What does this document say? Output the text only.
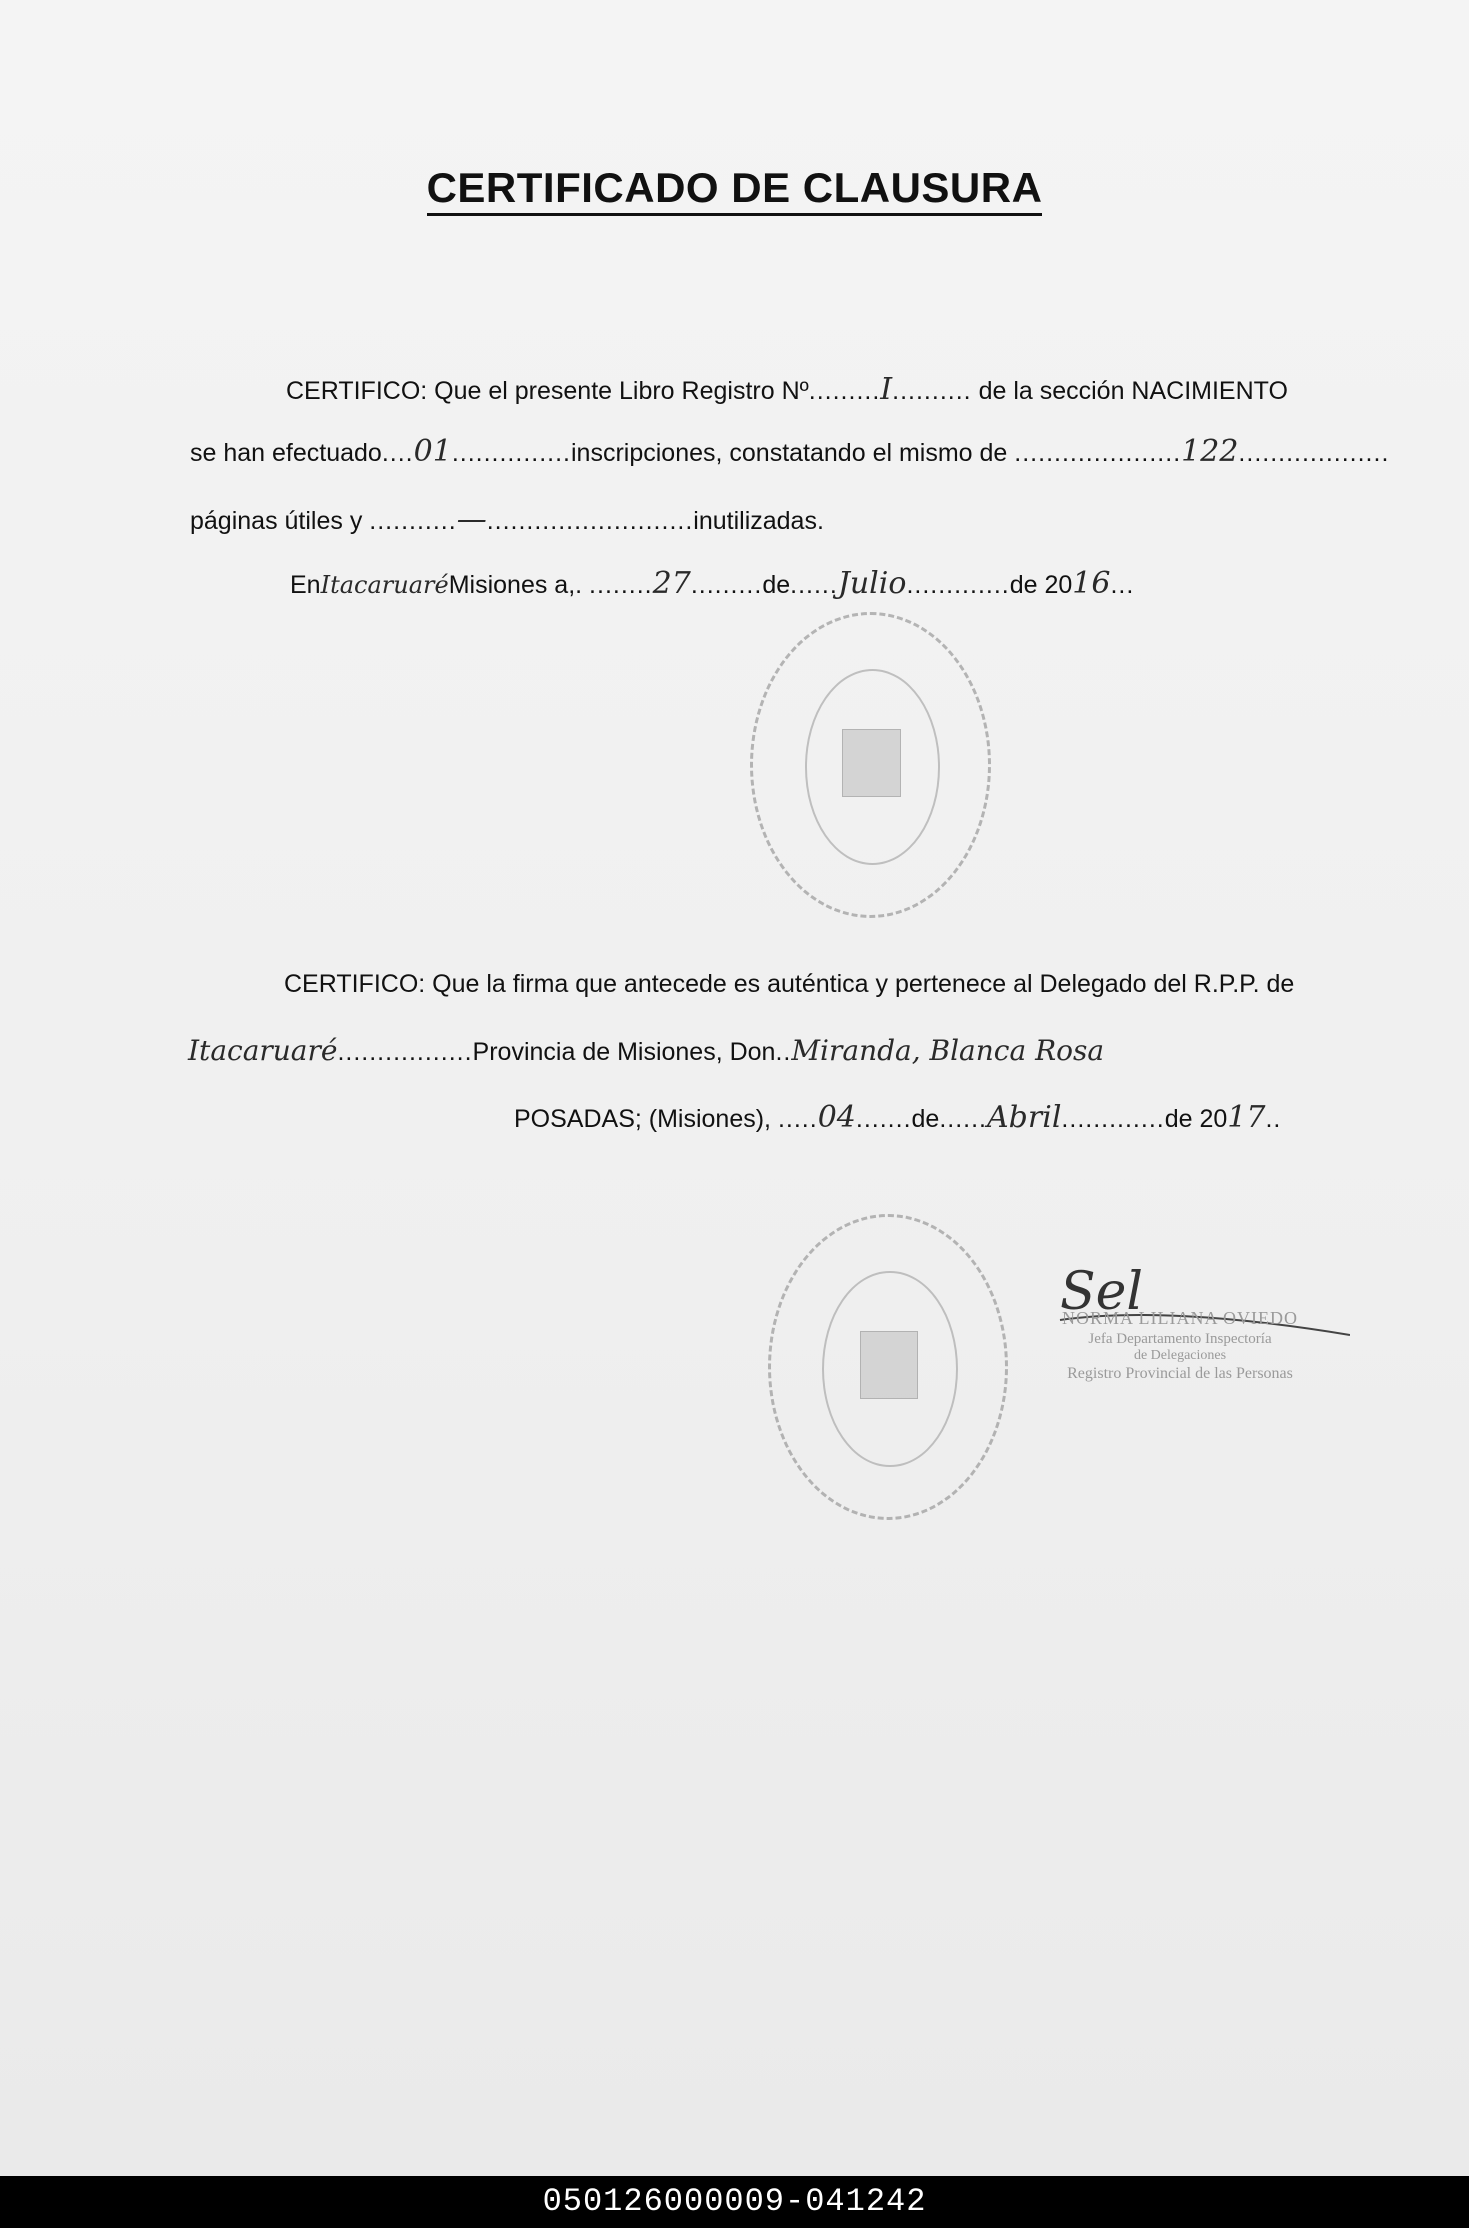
CERTIFICADO DE CLAUSURA
CERTIFICO: Que el presente Libro Registro Nº.........I.......... de la sección NACIMIENTO
se han efectuado....01...............inscripciones, constatando el mismo de .....................122...................
páginas útiles y ...........—..........................inutilizadas.
EnItacaruaréMisiones a,. ........27.........de......Julio.............de 2016...
CERTIFICO: Que la firma que antecede es auténtica y pertenece al Delegado del R.P.P. de
Itacaruaré.................Provincia de Misiones, Don..Miranda, Blanca Rosa
POSADAS; (Misiones), .....04.......de......Abril.............de 2017..
Sel
NORMA LILIANA OVIEDO
Jefa Departamento Inspectoría
de Delegaciones
Registro Provincial de las Personas
050126000009-041242
